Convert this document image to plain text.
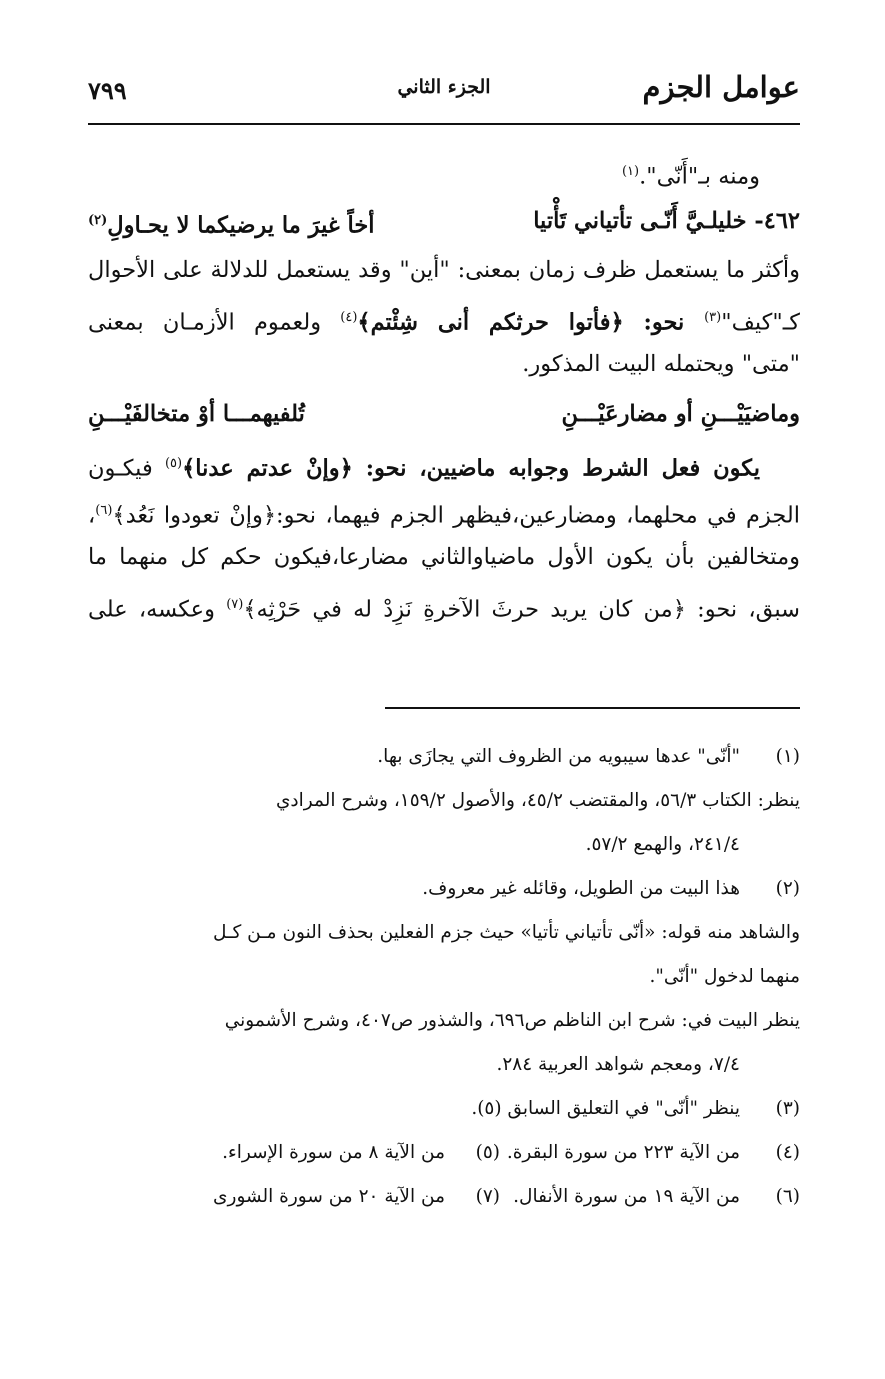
عوامل الجزم
الجزء الثاني
٧٩٩
ومنه بـ"أَنّى".$^{(١)}$
٤٦٢- خليلـيَّ أَنّـى تأتياني تَأْتيا
أخاً غيرَ ما يرضيكما لا يحـاولِ$^{(٢)}$
وأكثر ما يستعمل ظرف زمان بمعنى: "أين" وقد يستعمل للدلالة على الأحوال
كـ"كيف"$^{(٣)}$ نحو: ﴿فأتوا حرثكم أنى شِئْتم﴾$^{(٤)}$ ولعموم الأزمـان بمعنى
"متى" ويحتمله البيت المذكور.
وماضيَيْـــنِ أو مضارعَيْـــنِ
تُلفيهمـــا أوْ متخالفَيْـــنِ
يكون فعل الشرط وجوابه ماضيين، نحو: ﴿وإنْ عدتم عدنا﴾$^{(٥)}$ فيكـون
الجزم في محلهما، ومضارعين،فيظهر الجزم فيهما، نحو:﴿وإنْ تعودوا نَعُد﴾$^{(٦)}$،
ومتخالفين بأن يكون الأول ماضياوالثاني مضارعا،فيكون حكم كل منهما ما
سبق، نحو: ﴿من كان يريد حرثَ الآخرةِ نَزِدْ له في حَرْثِه﴾$^{(٧)}$ وعكسه، على
(١)
"أنّى" عدها سيبويه من الظروف التي يجازَى بها.
ينظر: الكتاب ٥٦/٣، والمقتضب ٤٥/٢، والأصول ١٥٩/٢، وشرح المرادي
٢٤١/٤، والهمع ٥٧/٢.
(٢)
هذا البيت من الطويل، وقائله غير معروف.
والشاهد منه قوله: «أنّى تأتياني تأتيا» حيث جزم الفعلين بحذف النون مـن كـل
منهما لدخول "أنّى".
ينظر البيت في: شرح ابن الناظم ص٦٩٦، والشذور ص٤٠٧، وشرح الأشموني
٧/٤، ومعجم شواهد العربية ٢٨٤.
(٣)
ينظر "أنّى" في التعليق السابق (٥).
(٤)
من الآية ٢٢٣ من سورة البقرة.
(٥)
من الآية ٨ من سورة الإسراء.
(٦)
من الآية ١٩ من سورة الأنفال.
(٧)
من الآية ٢٠ من سورة الشورى
